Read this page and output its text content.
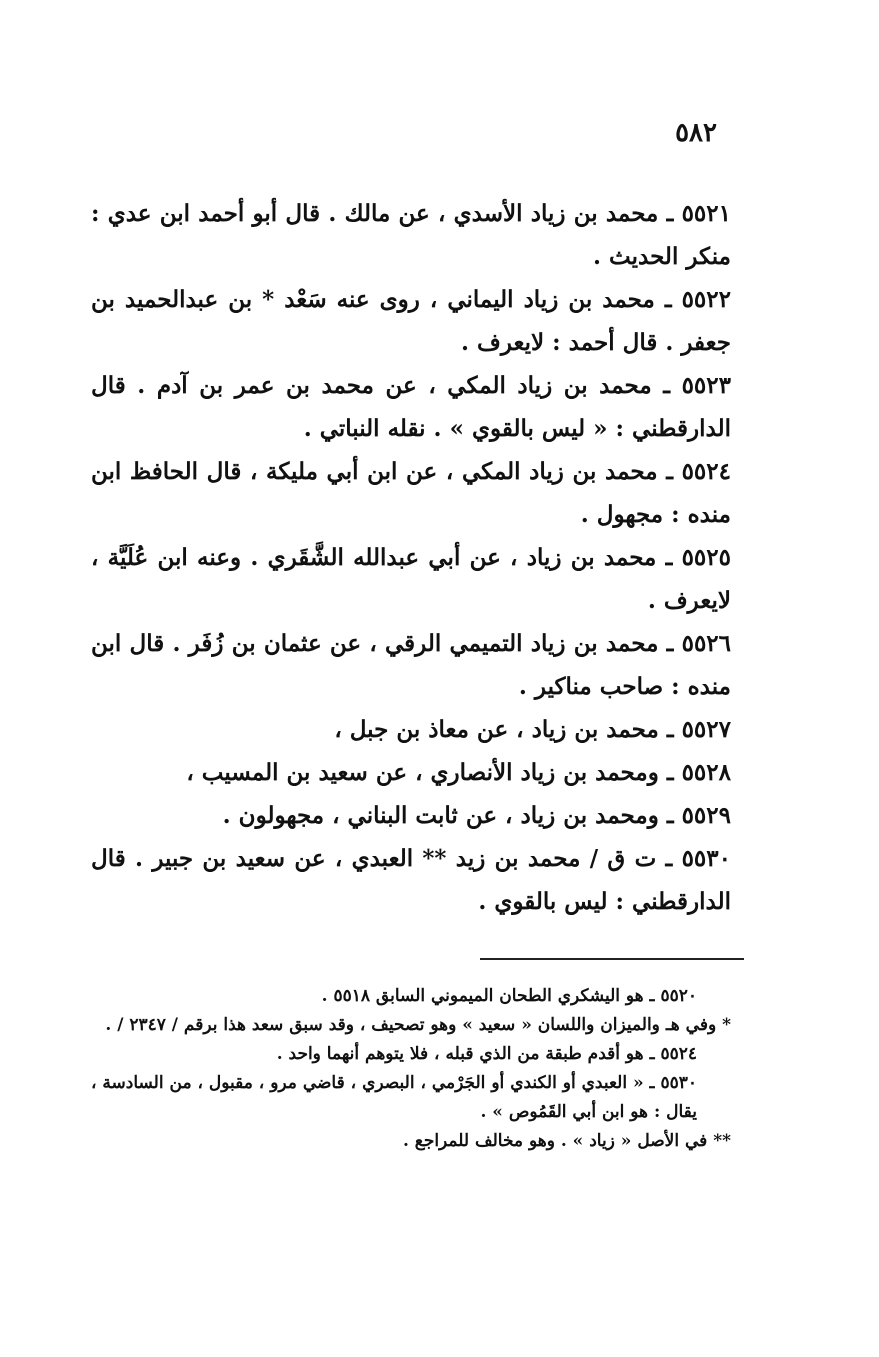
٥٨٢

٥٥٢١ ـ محمد بن زياد الأسدي ، عن مالك . قال أبو أحمد ابن عدي : منكر الحديث .

٥٥٢٢ ـ محمد بن زياد اليماني ، روى عنه سَعْد * بن عبدالحميد بن جعفر . قال أحمد : لايعرف .

٥٥٢٣ ـ محمد بن زياد المكي ، عن محمد بن عمر بن آدم . قال الدارقطني : « ليس بالقوي » . نقله النباتي .

٥٥٢٤ ـ محمد بن زياد المكي ، عن ابن أبي مليكة ، قال الحافظ ابن منده : مجهول .

٥٥٢٥ ـ محمد بن زياد ، عن أبي عبدالله الشَّقَري . وعنه ابن عُلَيَّة ، لايعرف .

٥٥٢٦ ـ محمد بن زياد التميمي الرقي ، عن عثمان بن زُفَر . قال ابن منده : صاحب مناكير .

٥٥٢٧ ـ محمد بن زياد ، عن معاذ بن جبل ،

٥٥٢٨ ـ ومحمد بن زياد الأنصاري ، عن سعيد بن المسيب ،

٥٥٢٩ ـ ومحمد بن زياد ، عن ثابت البناني ، مجهولون .

٥٥٣٠ ـ ت ق / محمد بن زيد ** العبدي ، عن سعيد بن جبير . قال الدارقطني : ليس بالقوي .

٥٥٢٠ ـ هو اليشكري الطحان الميموني السابق ٥٥١٨ .

* وفي هـ والميزان واللسان « سعيد » وهو تصحيف ، وقد سبق سعد هذا برقم / ٢٣٤٧ / .

٥٥٢٤ ـ هو أقدم طبقة من الذي قبله ، فلا يتوهم أنهما واحد .

٥٥٣٠ ـ « العبدي أو الكندي أو الجَرْمي ، البصري ، قاضي مرو ، مقبول ، من السادسة ، يقال : هو ابن أبي القَمُوص » .

** في الأصل « زياد » . وهو مخالف للمراجع .
